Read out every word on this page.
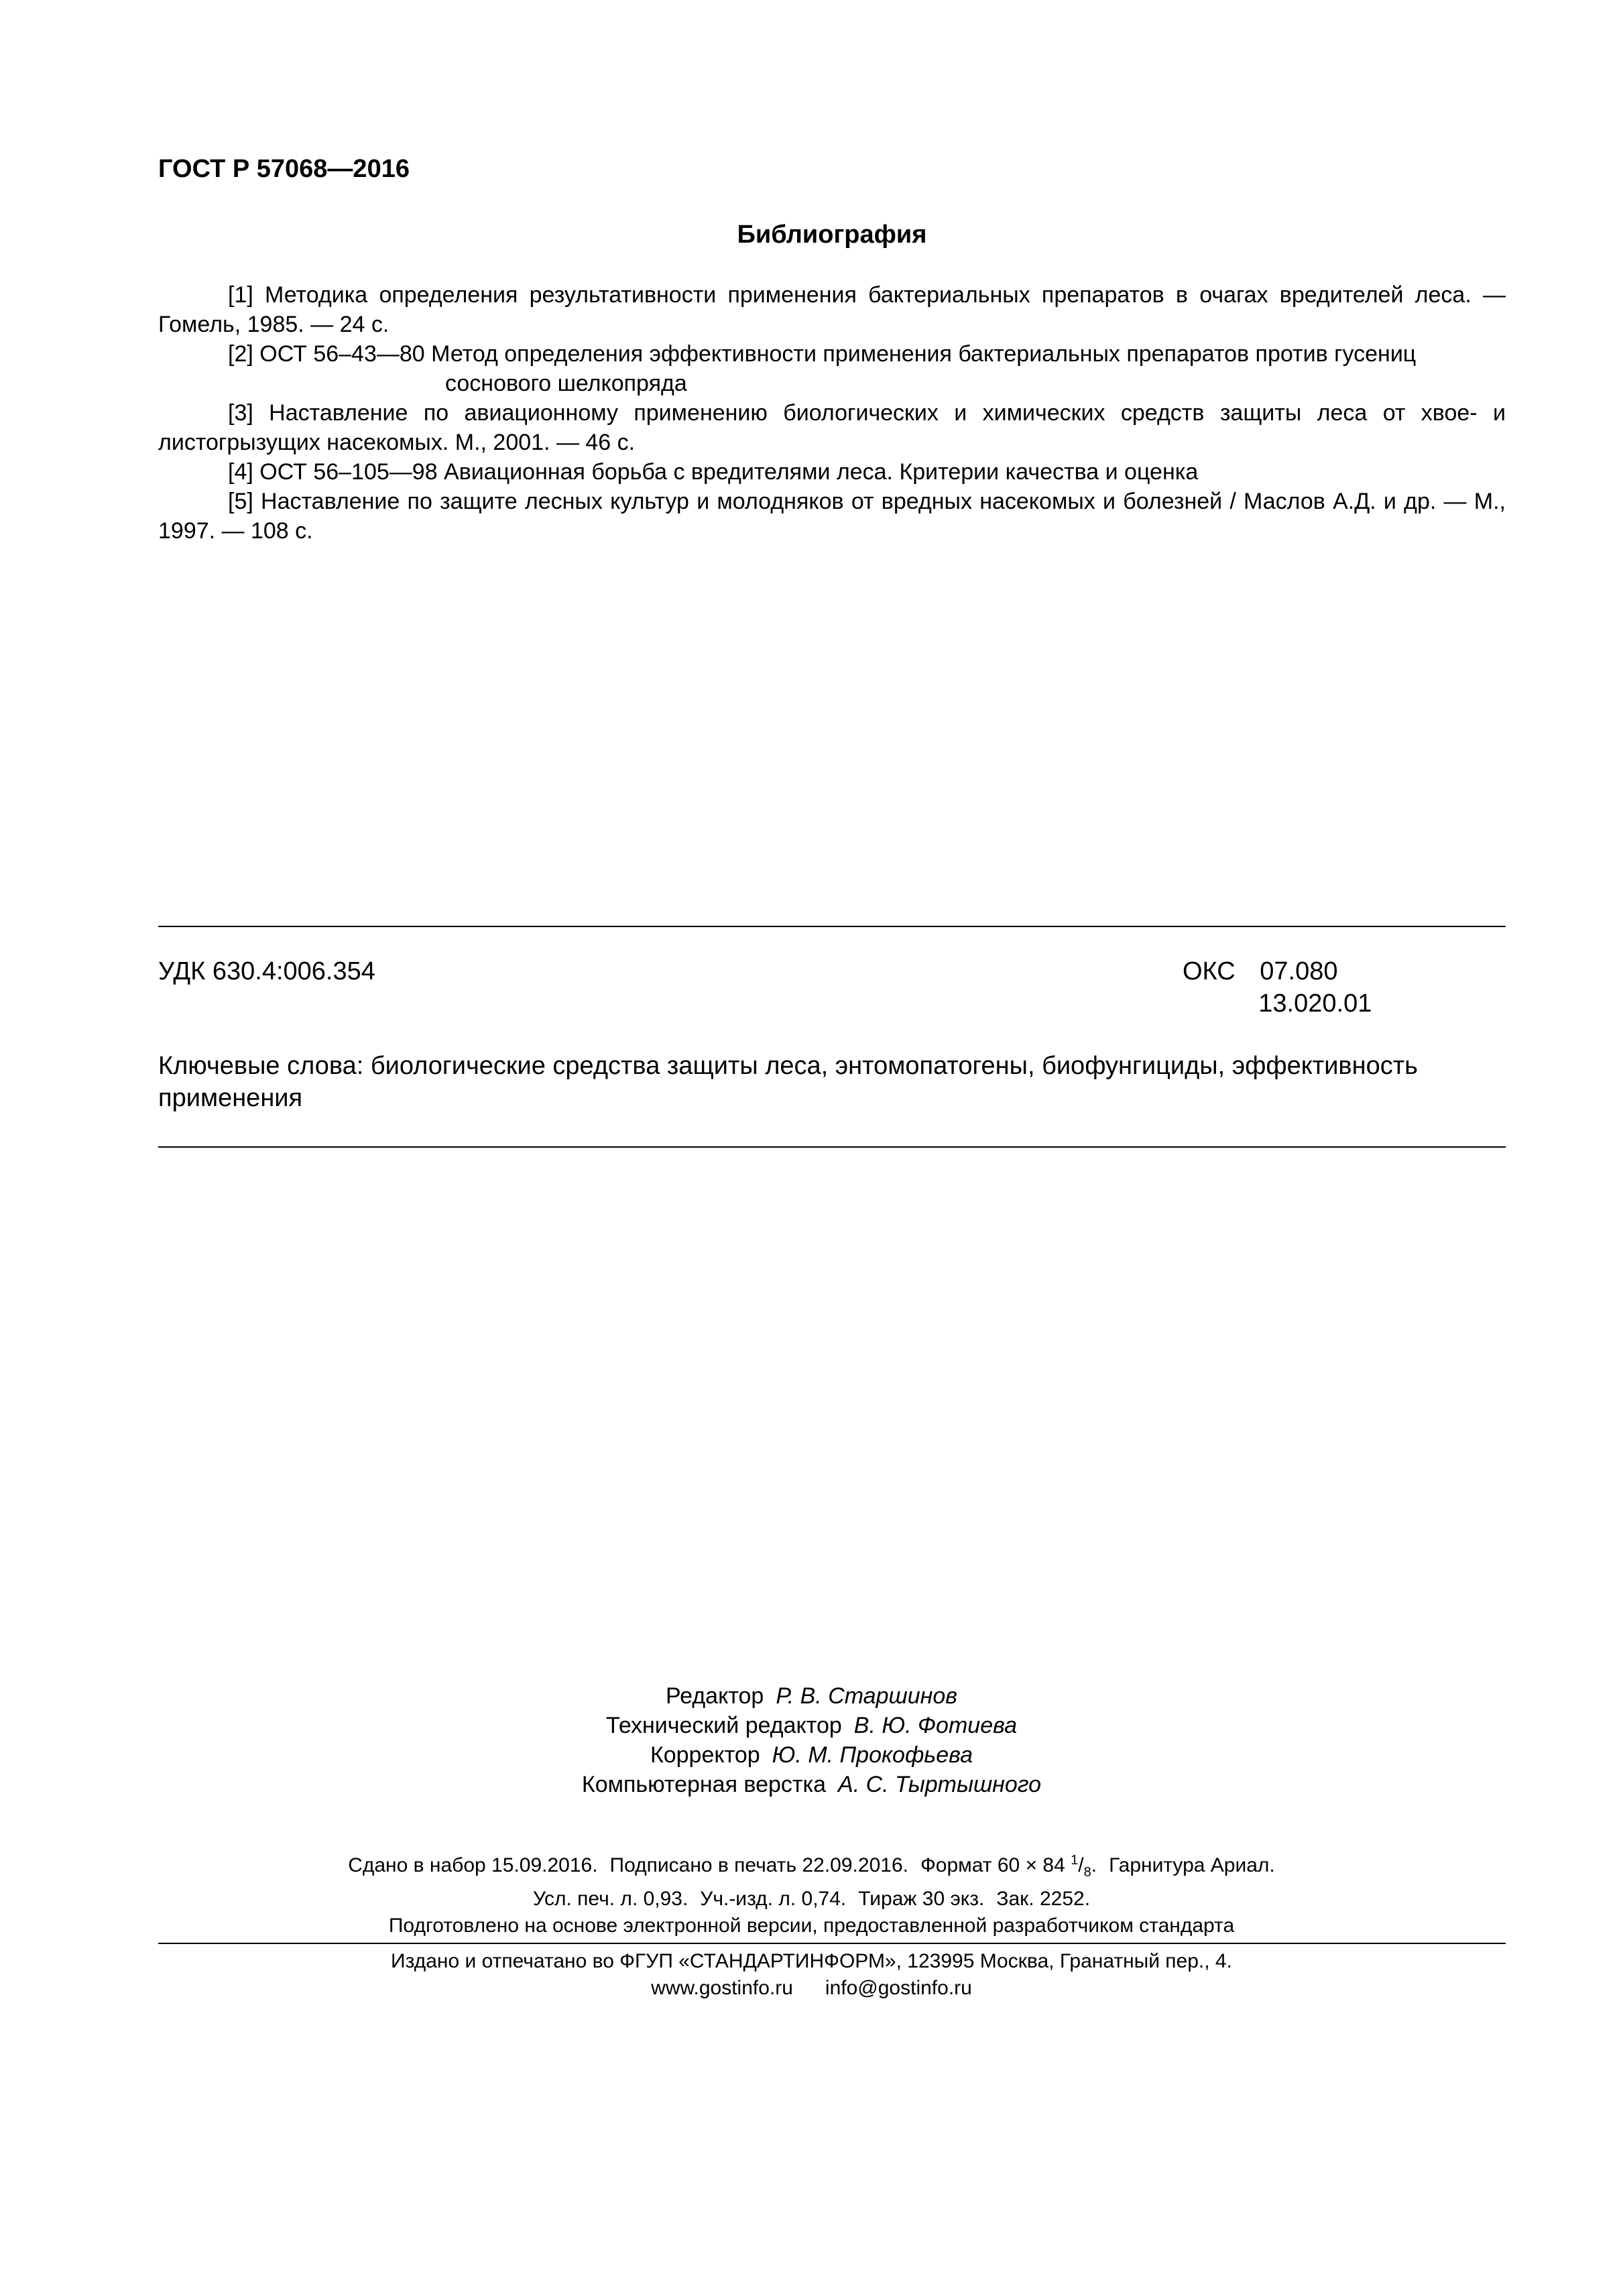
ГОСТ Р 57068—2016
Библиография

[1] Методика определения результативности применения бактериальных препаратов в очагах вредителей леса. — Гомель, 1985. — 24 с.

[2] ОСТ 56–43—80 Метод определения эффективности применения бактериальных препаратов против гусениц
соснового шелкопряда

[3] Наставление по авиационному применению биологических и химических средств защиты леса от хвое- и листогрызущих насекомых. М., 2001. — 46 с.

[4] ОСТ 56–105—98 Авиационная борьба с вредителями леса. Критерии качества и оценка

[5] Наставление по защите лесных культур и молодняков от вредных насекомых и болезней / Маслов А.Д. и др. — М., 1997. — 108 с.

УДК 630.4:006.354	ОКС 07.080
13.020.01
Ключевые слова: биологические средства защиты леса, энтомопатогены, биофунгициды, эффективность применения
Редактор Р. В. Старшинов
Технический редактор В. Ю. Фотиева
Корректор Ю. М. Прокофьева
Компьютерная верстка А. С. Тыртышного
Сдано в набор 15.09.2016. Подписано в печать 22.09.2016. Формат 60 × 84 $^1/_8$. Гарнитура Ариал.
Усл. печ. л. 0,93. Уч.-изд. л. 0,74. Тираж 30 экз. Зак. 2252.
Подготовлено на основе электронной версии, предоставленной разработчиком стандарта
Издано и отпечатано во ФГУП «СТАНДАРТИНФОРМ», 123995 Москва, Гранатный пер., 4.
www.gostinfo.ru info@gostinfo.ru
